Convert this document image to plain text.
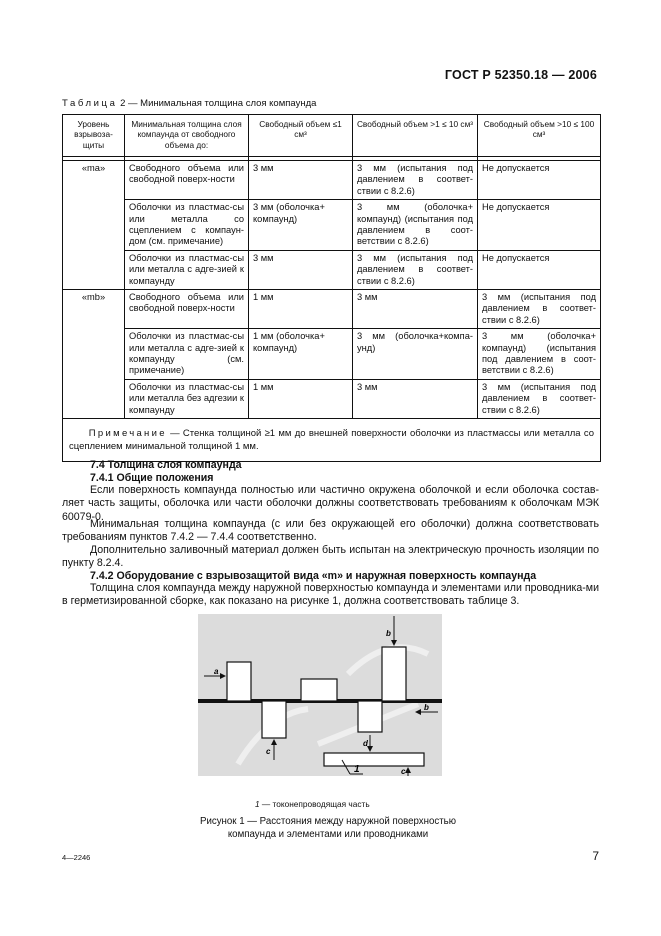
ГОСТ Р 52350.18 — 2006
Таблица 2 — Минимальная толщина слоя компаунда
Уровень взрывоза-щиты	Минимальная толщина слоя компаунда от свободного объема до:	Свободный объем ≤1 см³	Свободный объем >1 ≤ 10 см³	Свободный объем >10 ≤ 100 см³

«ma»	Свободного объема или свободной поверх-ности	3 мм	3 мм (испытания под давлением в соответ-ствии с 8.2.6)	Не допускается
	Оболочки из пластмас-сы или металла со сцеплением с компаун-дом (см. примечание)	3 мм (оболочка+ компаунд)	3 мм (оболочка+ компаунд) (испытания под давлением в соот-ветствии с 8.2.6)	Не допускается
	Оболочки из пластмас-сы или металла с адге-зией к компаунду	3 мм	3 мм (испытания под давлением в соответ-ствии с 8.2.6)	Не допускается
«mb»	Свободного объема или свободной поверх-ности	1 мм	3 мм	3 мм (испытания под давлением в соответ-ствии с 8.2.6)
	Оболочки из пластмас-сы или металла с адге-зией к компаунду (см. примечание)	1 мм (оболочка+ компаунд)	3 мм (оболочка+компа-унд)	3 мм (оболочка+ компаунд) (испытания под давлением в соот-ветствии с 8.2.6)
	Оболочки из пластмас-сы или металла без адгезии к компаунду	1 мм	3 мм	3 мм (испытания под давлением в соответ-ствии с 8.2.6)
Примечание — Стенка толщиной ≥1 мм до внешней поверхности оболочки из пластмассы или металла со сцеплением минимальной толщиной 1 мм.				
7.4 Толщина слоя компаунда
7.4.1 Общие положения
Если поверхность компаунда полностью или частично окружена оболочкой и если оболочка состав-ляет часть защиты, оболочка или части оболочки должны соответствовать требованиям к оболочкам МЭК 60079-0.
Минимальная толщина компаунда (с или без окружающей его оболочки) должна соответствовать требованиям пунктов 7.4.2 — 7.4.4 соответственно.
Дополнительно заливочный материал должен быть испытан на электрическую прочность изоляции по пункту 8.2.4.
7.4.2 Оборудование с взрывозащитой вида «m» и наружная поверхность компаунда
Толщина слоя компаунда между наружной поверхностью компаунда и элементами или проводника-ми в герметизированной сборке, как показано на рисунке 1, должна соответствовать таблице 3.
a
b
b
c
d
c
1
1 — токонепроводящая часть
Рисунок 1 — Расстояния между наружной поверхностью
компаунда и элементами или проводниками
4—2246	7
